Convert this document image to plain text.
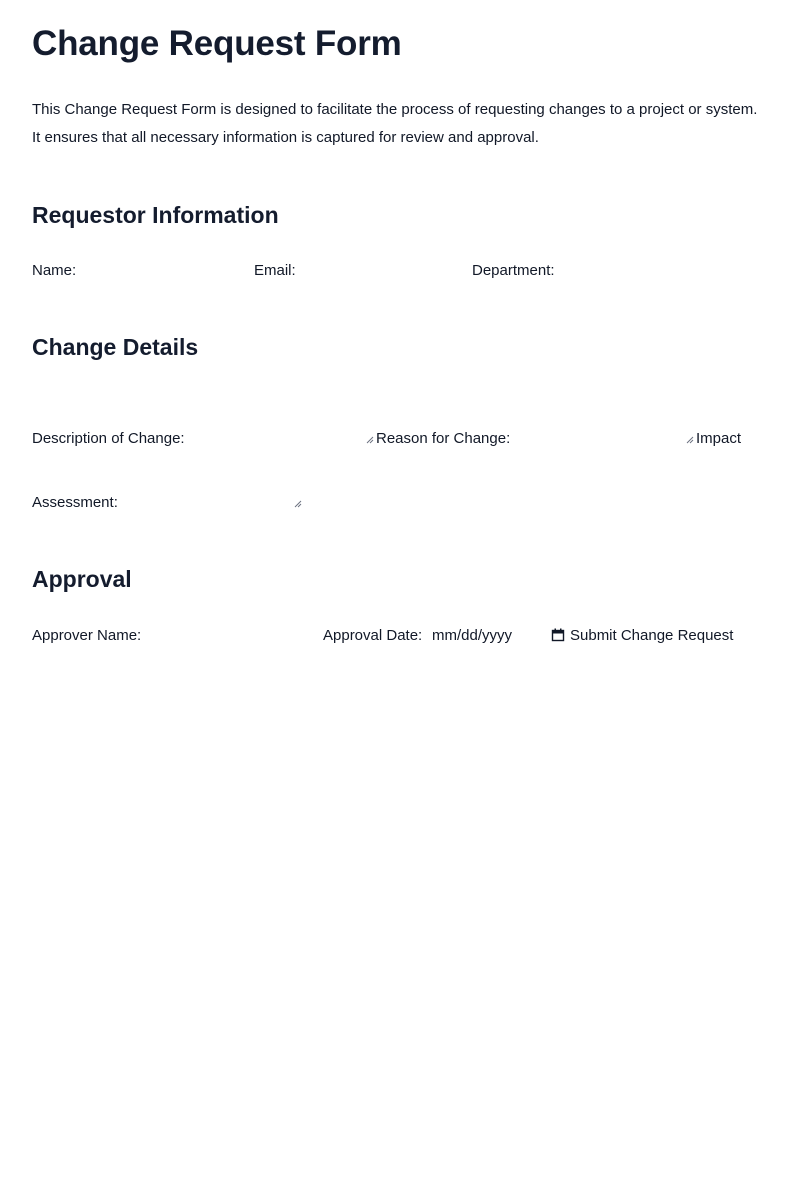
Change Request Form

This Change Request Form is designed to facilitate the process of requesting changes to a project or system. It ensures that all necessary information is captured for review and approval.

Requestor Information
Name:	Email:	Department:
Change Details
Description of Change:	Reason for Change:	Impact
Assessment:
Approval
Approver Name:	Approval Date: mm/dd/yyyy	Submit Change Request
